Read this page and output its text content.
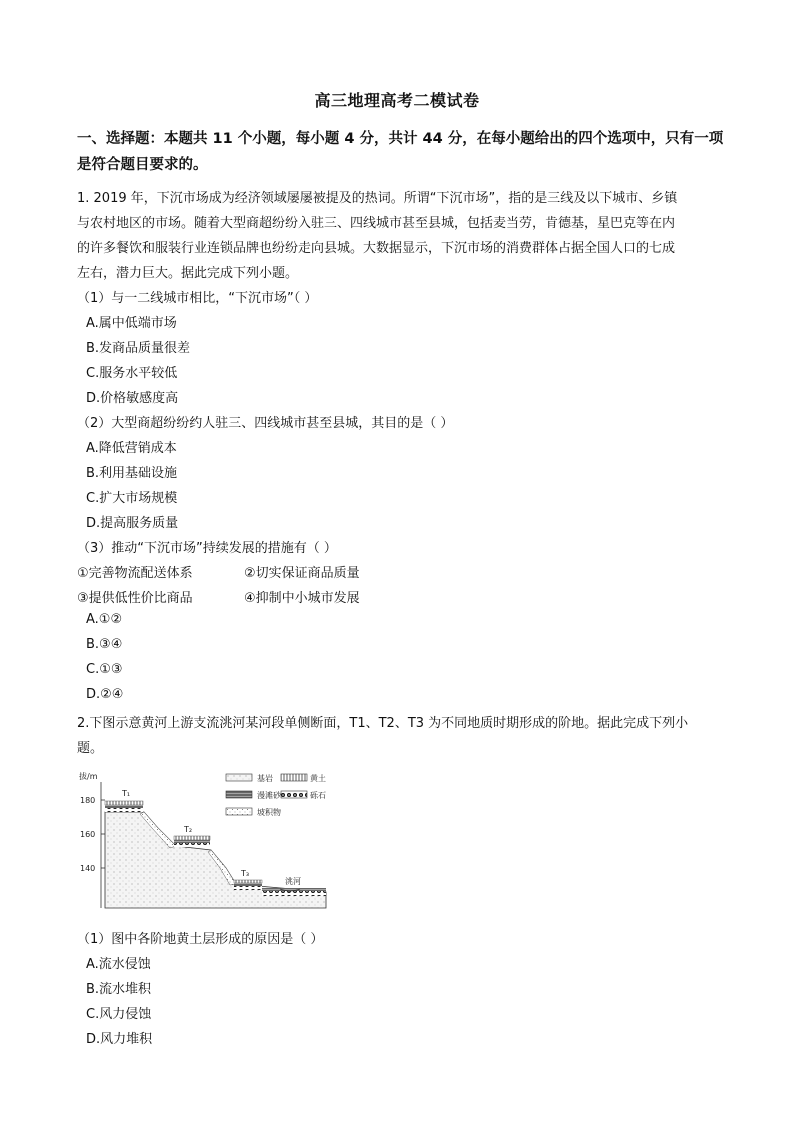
高三地理高考二模试卷
一、选择题：本题共 11 个小题，每小题 4 分，共计 44 分，在每小题给出的四个选项中，只有一项是符合题目要求的。
1. 2019 年，下沉市场成为经济领域屡屡被提及的热词。所谓“下沉市场”，指的是三线及以下城市、乡镇
与农村地区的市场。随着大型商超纷纷入驻三、四线城市甚至县城，包括麦当劳，肯德基，星巴克等在内
的许多餐饮和服装行业连锁品牌也纷纷走向县城。大数据显示，下沉市场的消费群体占据全国人口的七成
左右，潜力巨大。据此完成下列小题。
（1）与一二线城市相比，“下沉市场”（ ）
A.属中低端市场
B.发商品质量很差
C.服务水平较低
D.价格敏感度高
（2）大型商超纷纷约人驻三、四线城市甚至县城，其目的是（ ）
A.降低营销成本
B.利用基础设施
C.扩大市场规模
D.提高服务质量
（3）推动“下沉市场”持续发展的措施有（ ）
①完善物流配送体系	②切实保证商品质量
③提供低性价比商品	④抑制中小城市发展
A.①②
B.③④
C.①③
D.②④
2.下图示意黄河上游支流洮河某河段单侧断面，T1、T2、T3 为不同地质时期形成的阶地。据此完成下列小
题。
拔/m
180
160
140
T₁
T₂
T₃
洮河
基岩	黄土
漫滩砂	砾石
坡积物
（1）图中各阶地黄土层形成的原因是（ ）
A.流水侵蚀
B.流水堆积
C.风力侵蚀
D.风力堆积
